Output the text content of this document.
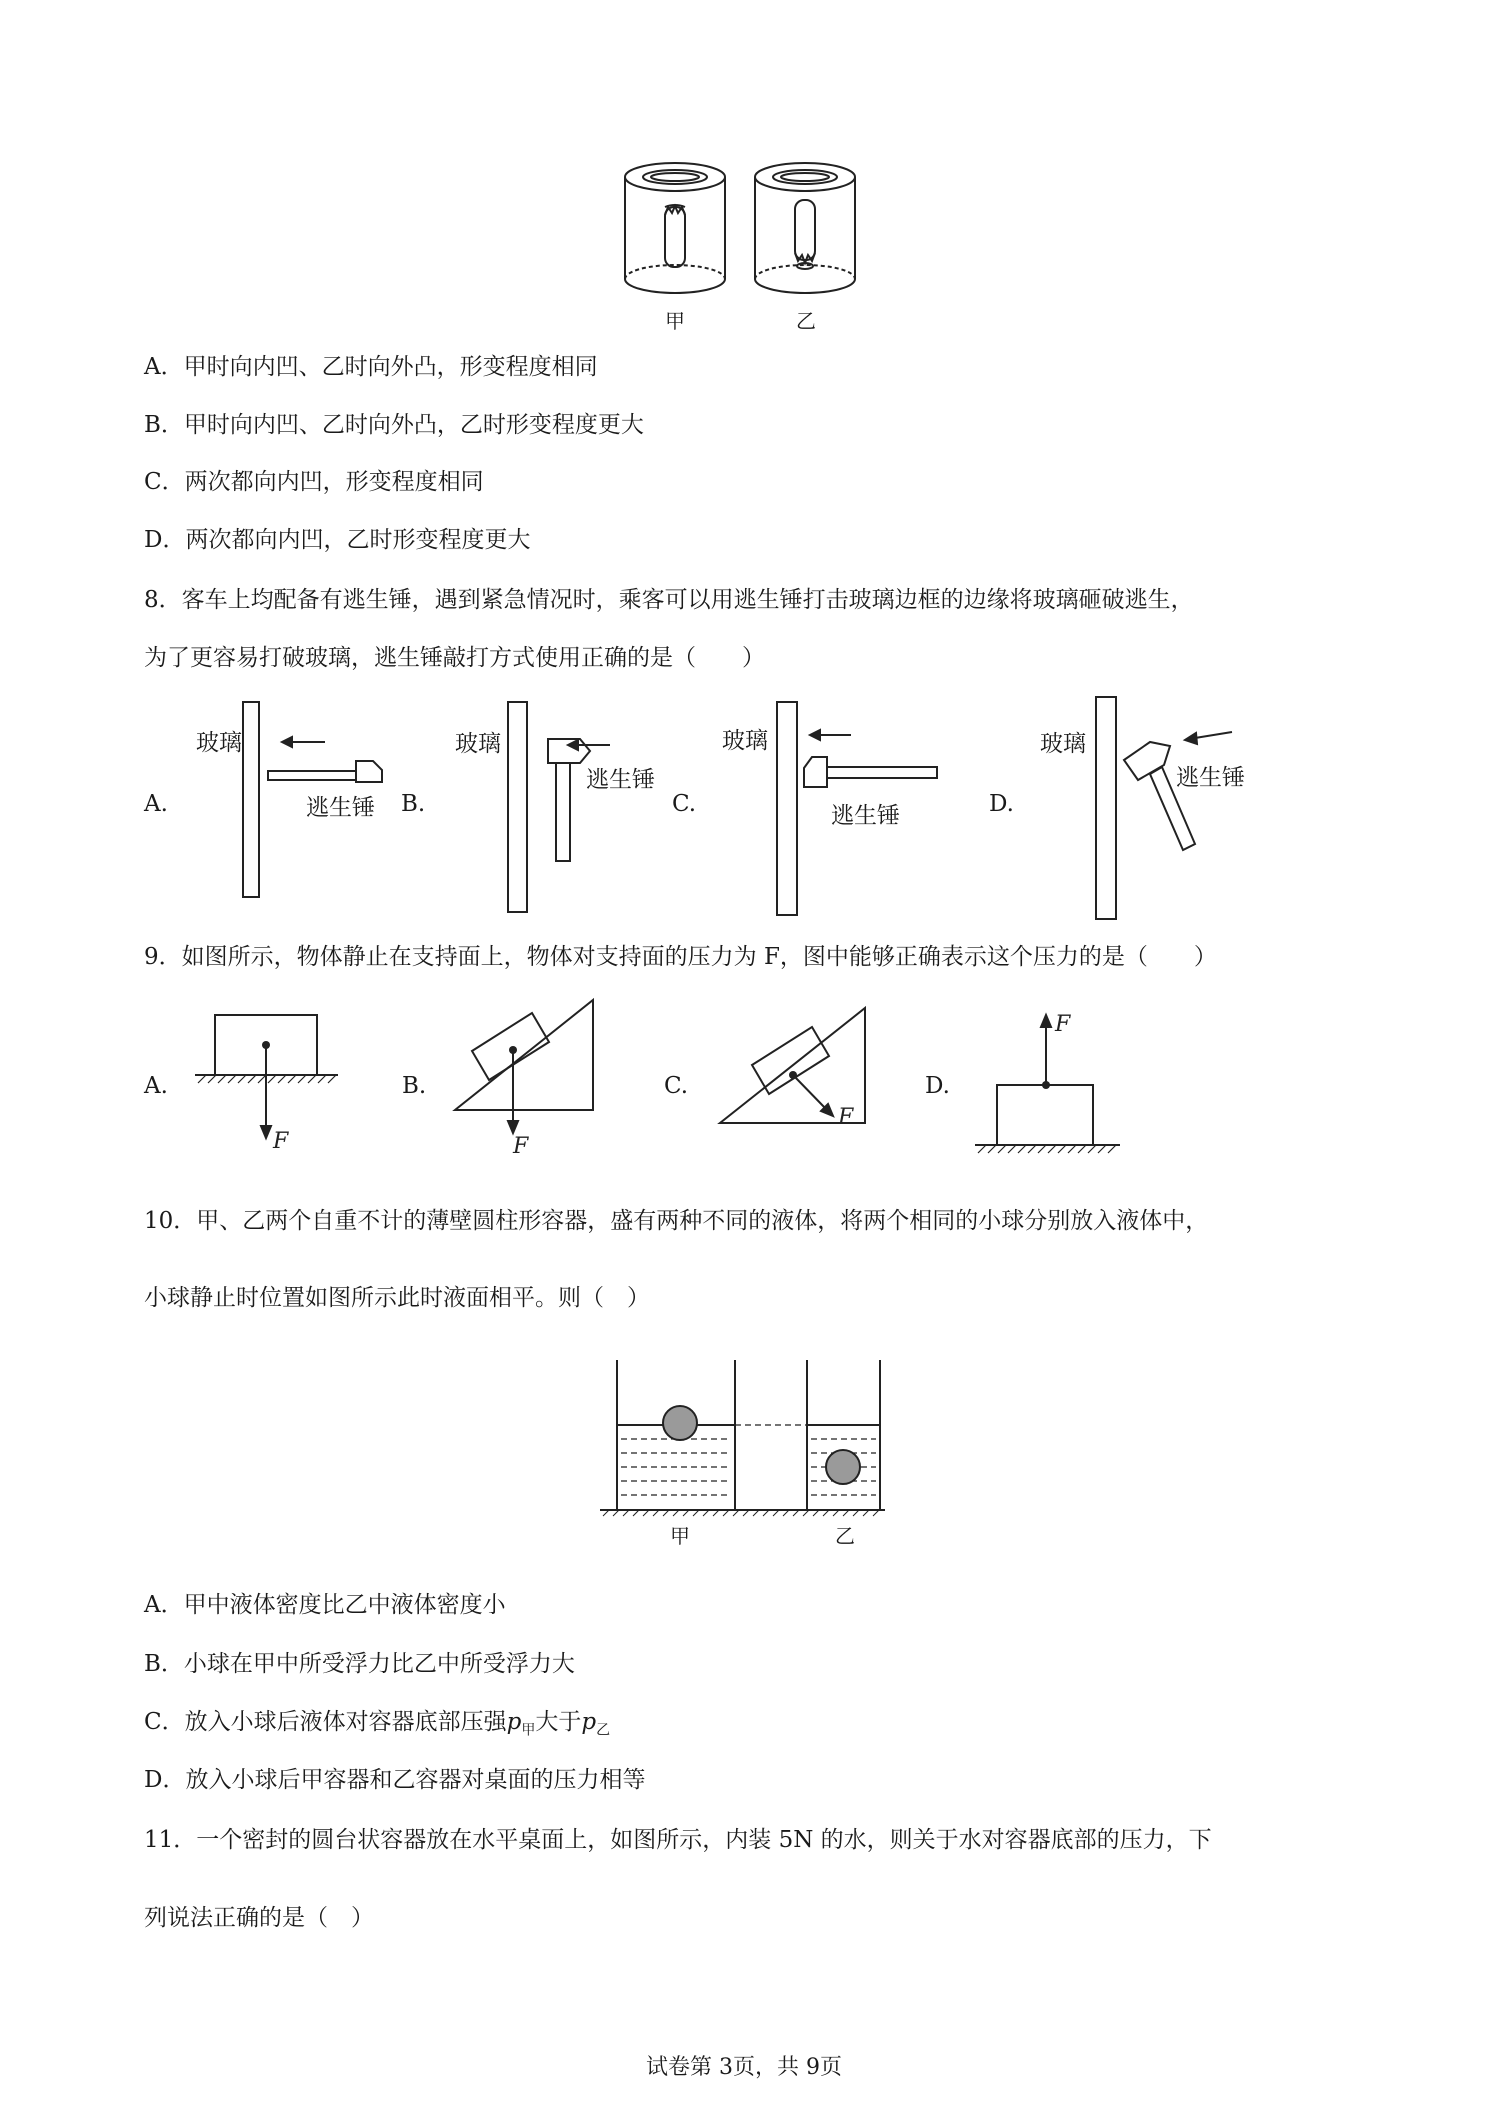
甲	乙
A．甲时向内凹、乙时向外凸，形变程度相同
B．甲时向内凹、乙时向外凸，乙时形变程度更大
C．两次都向内凹，形变程度相同
D．两次都向内凹，乙时形变程度更大
8．客车上均配备有逃生锤，遇到紧急情况时，乘客可以用逃生锤打击玻璃边框的边缘将玻璃砸破逃生，
为了更容易打破玻璃，逃生锤敲打方式使用正确的是（　　）
A.
玻璃
逃生锤 B.
玻璃
逃生锤
C.
玻璃
逃生锤	D.
玻璃
逃生锤
9．如图所示，物体静止在支持面上，物体对支持面的压力为 F，图中能够正确表示这个压力的是（　　）
A.
F
B.
F
C.
F
D.
F
10．甲、乙两个自重不计的薄壁圆柱形容器，盛有两种不同的液体，将两个相同的小球分别放入液体中，
小球静止时位置如图所示此时液面相平。则（　）
甲	乙
A．甲中液体密度比乙中液体密度小
B．小球在甲中所受浮力比乙中所受浮力大
C．放入小球后液体对容器底部压强$p_甲$大于$p_乙$
D．放入小球后甲容器和乙容器对桌面的压力相等
11．一个密封的圆台状容器放在水平桌面上，如图所示，内装 5N 的水，则关于水对容器底部的压力，下
列说法正确的是（　）
试卷第 3页，共 9页
